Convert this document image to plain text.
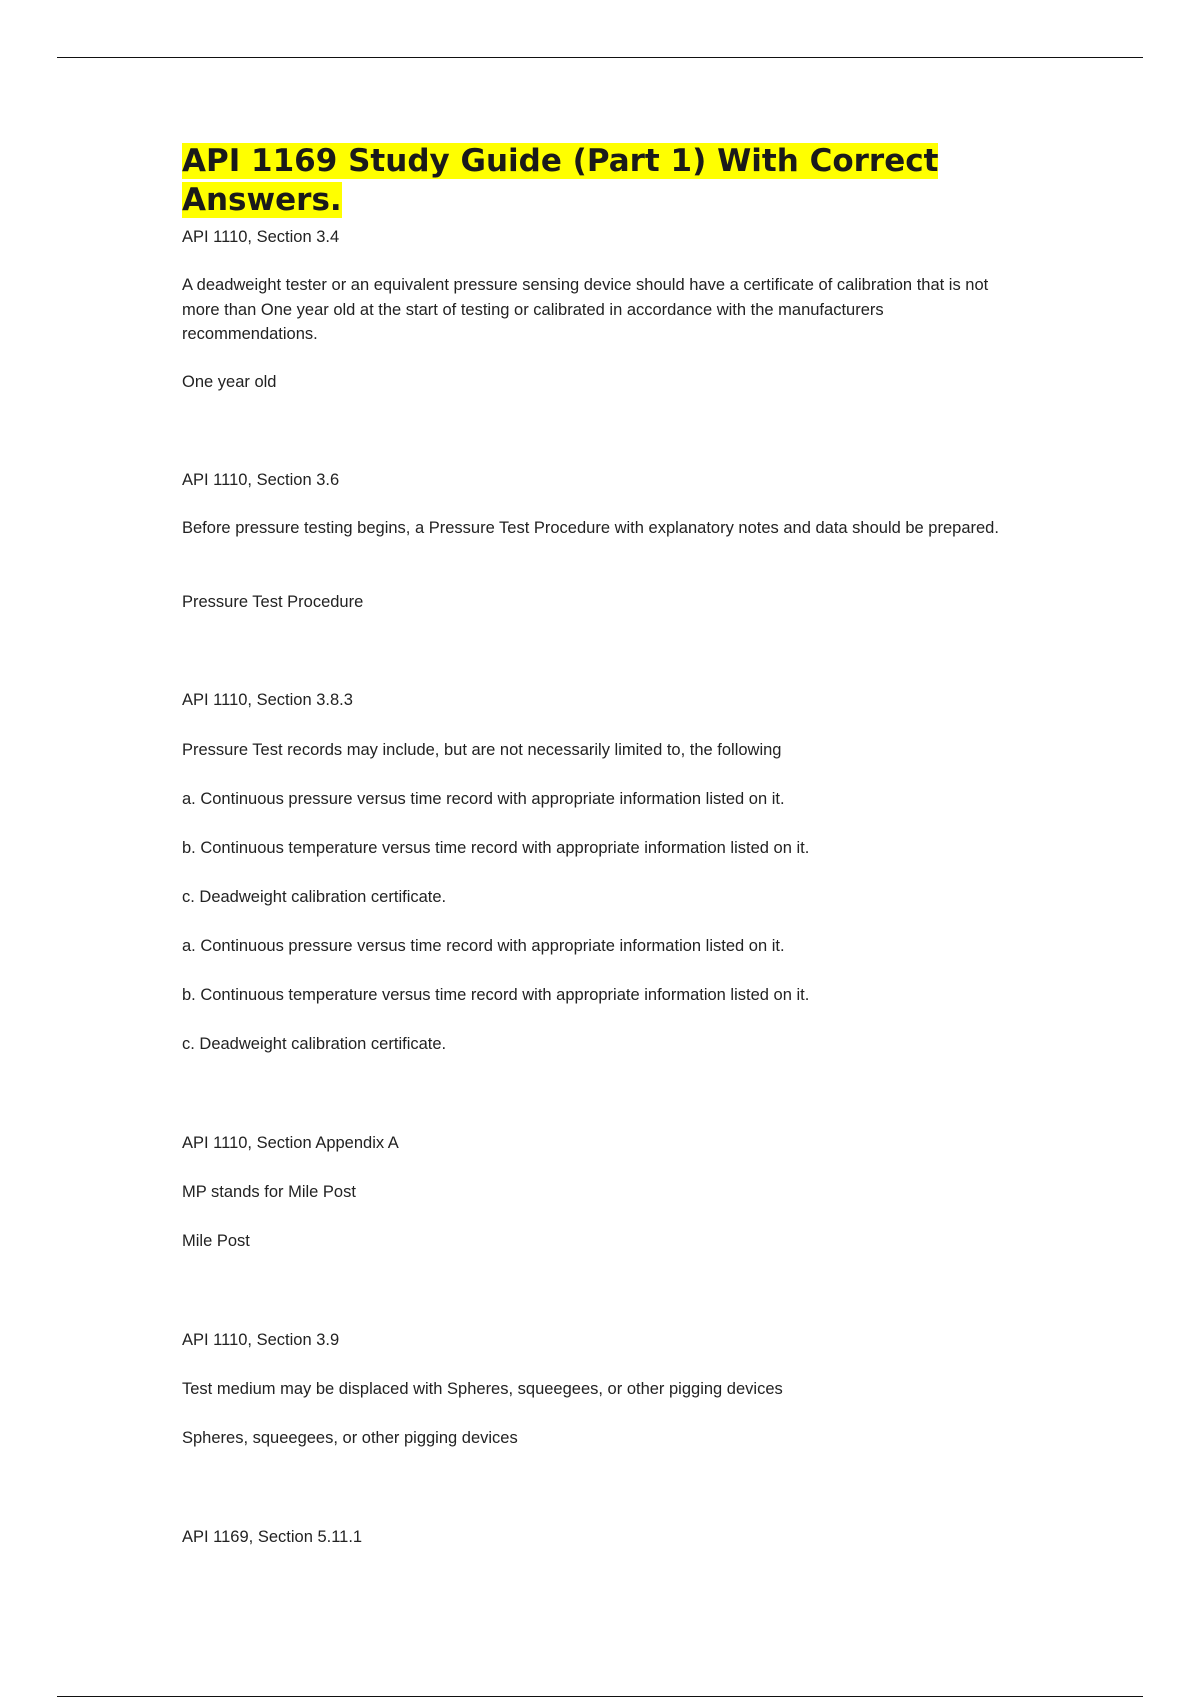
API 1169 Study Guide (Part 1) With Correct Answers.

API 1110, Section 3.4

A deadweight tester or an equivalent pressure sensing device should have a certificate of calibration that is not more than One year old at the start of testing or calibrated in accordance with the manufacturers recommendations.

One year old

API 1110, Section 3.6

Before pressure testing begins, a Pressure Test Procedure with explanatory notes and data should be prepared.

Pressure Test Procedure

API 1110, Section 3.8.3

Pressure Test records may include, but are not necessarily limited to, the following

a. Continuous pressure versus time record with appropriate information listed on it.

b. Continuous temperature versus time record with appropriate information listed on it.

c. Deadweight calibration certificate.

a. Continuous pressure versus time record with appropriate information listed on it.

b. Continuous temperature versus time record with appropriate information listed on it.

c. Deadweight calibration certificate.

API 1110, Section Appendix A

MP stands for Mile Post

Mile Post

API 1110, Section 3.9

Test medium may be displaced with Spheres, squeegees, or other pigging devices

Spheres, squeegees, or other pigging devices

API 1169, Section 5.11.1
